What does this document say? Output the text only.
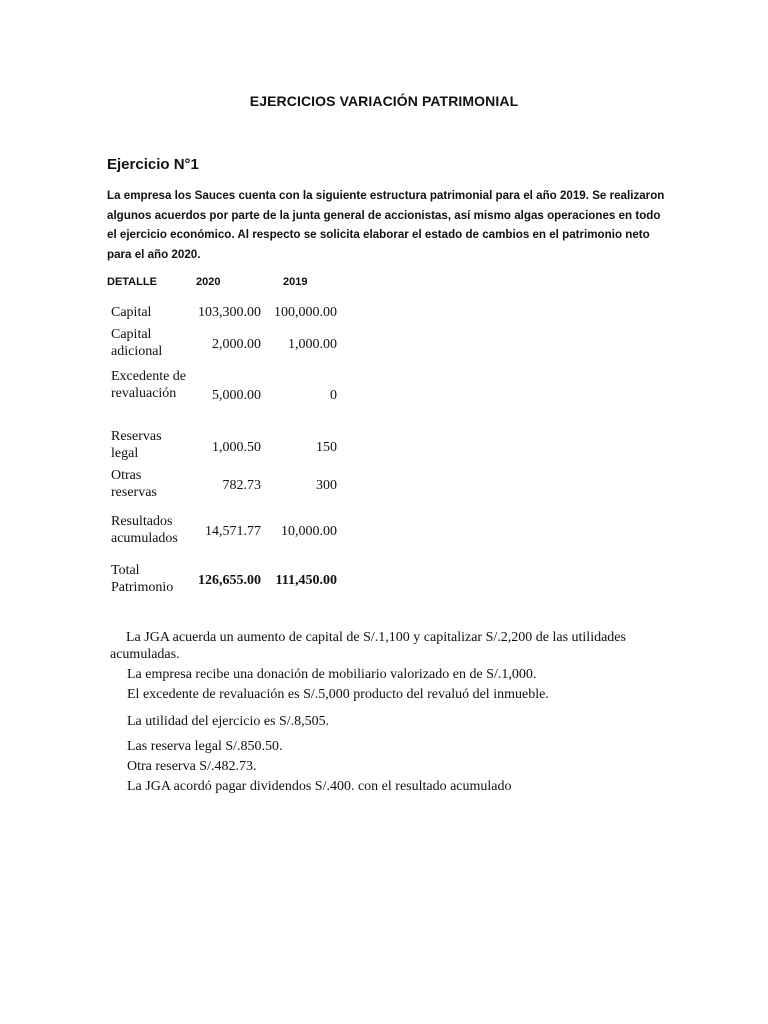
EJERCICIOS VARIACIÓN PATRIMONIAL
Ejercicio N°1
La empresa los Sauces cuenta con la siguiente estructura patrimonial para el año 2019. Se realizaron algunos acuerdos por parte de la junta general de accionistas, así mismo algas operaciones en todo el ejercicio económico. Al respecto se solicita elaborar el estado de cambios en el patrimonio neto para el año 2020.
DETALLE	2020	2019
Capital	103,300.00 100,000.00
Capital adicional	2,000.00 1,000.00
Excedente de revaluación	5,000.00	0
Reservas legal	1,000.50	150
Otras reservas	782.73	300
Resultados acumulados	14,571.77 10,000.00
Total Patrimonio	126,655.00 111,450.00
La JGA acuerda un aumento de capital de S/.1,100 y capitalizar S/.2,200 de las utilidades acumuladas.
La empresa recibe una donación de mobiliario valorizado en de S/.1,000.
El excedente de revaluación es S/.5,000 producto del revaluó del inmueble.
La utilidad del ejercicio es S/.8,505.
Las reserva legal S/.850.50.
Otra reserva S/.482.73.
La JGA acordó pagar dividendos S/.400. con el resultado acumulado
